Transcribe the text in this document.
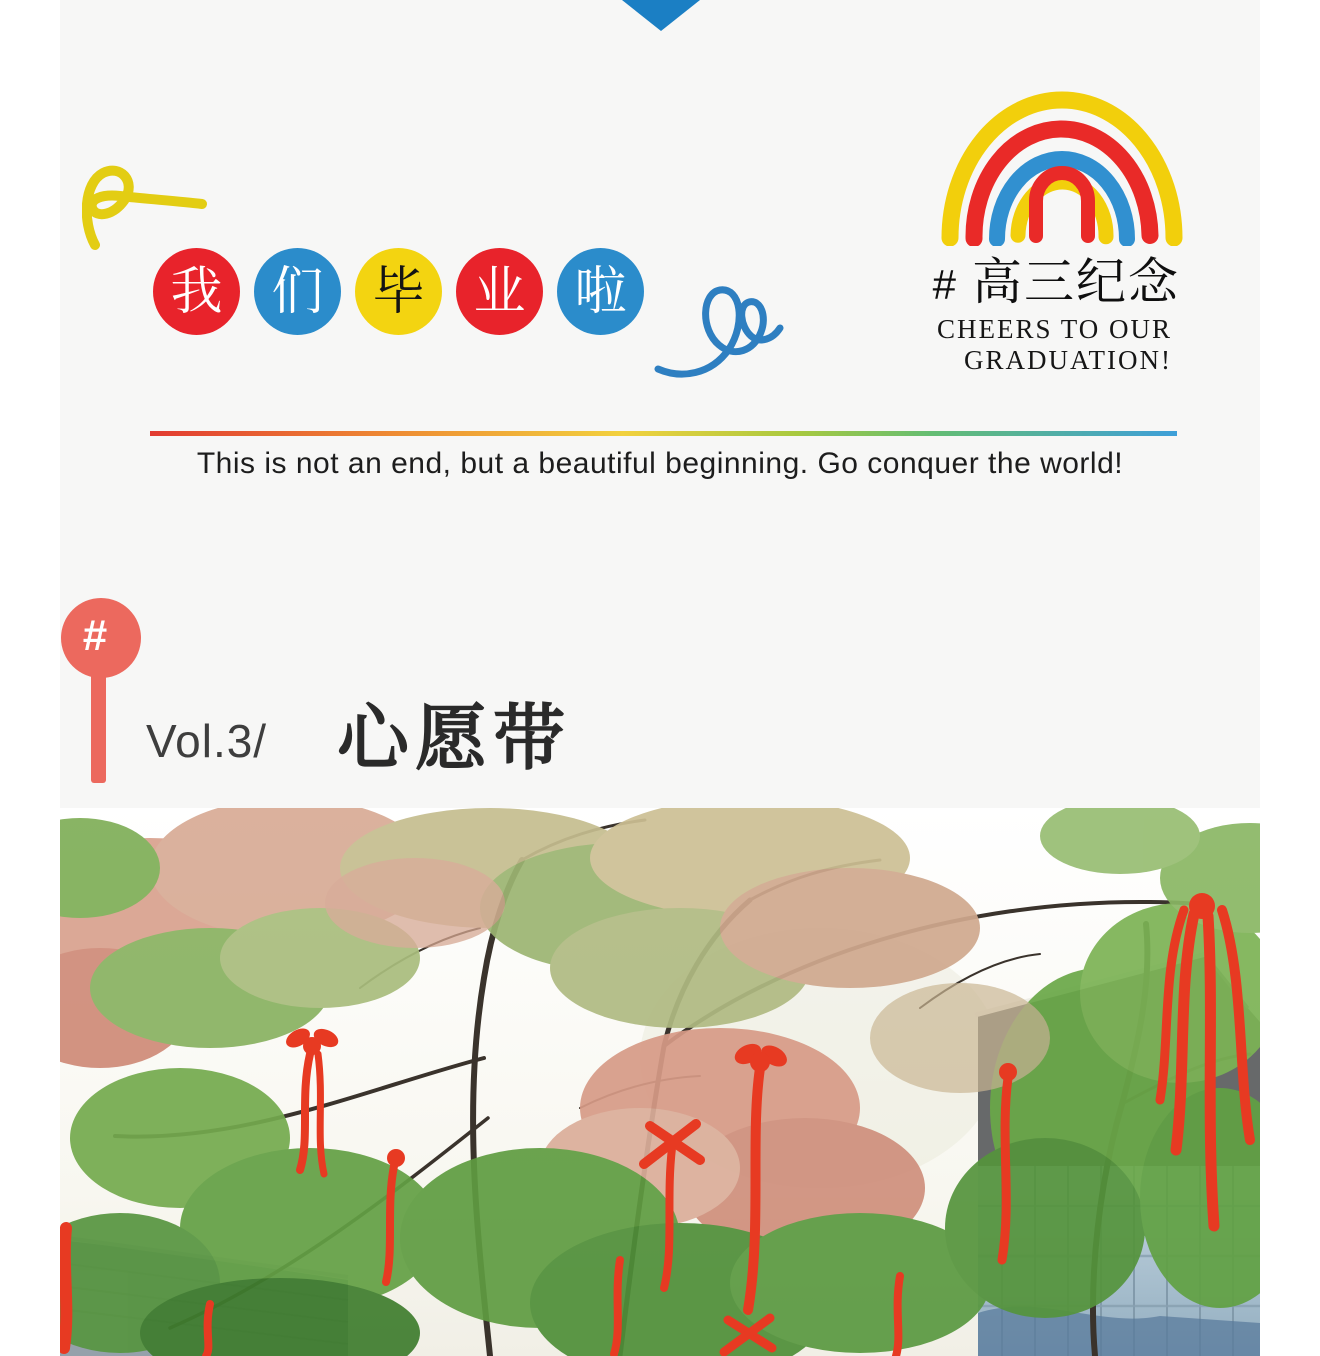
我 们 毕 业 啦	# 高三纪念
CHEERS TO OUR
GRADUATION!
This is not an end, but a beautiful beginning. Go conquer the world!
#
Vol.3/ 心愿带
